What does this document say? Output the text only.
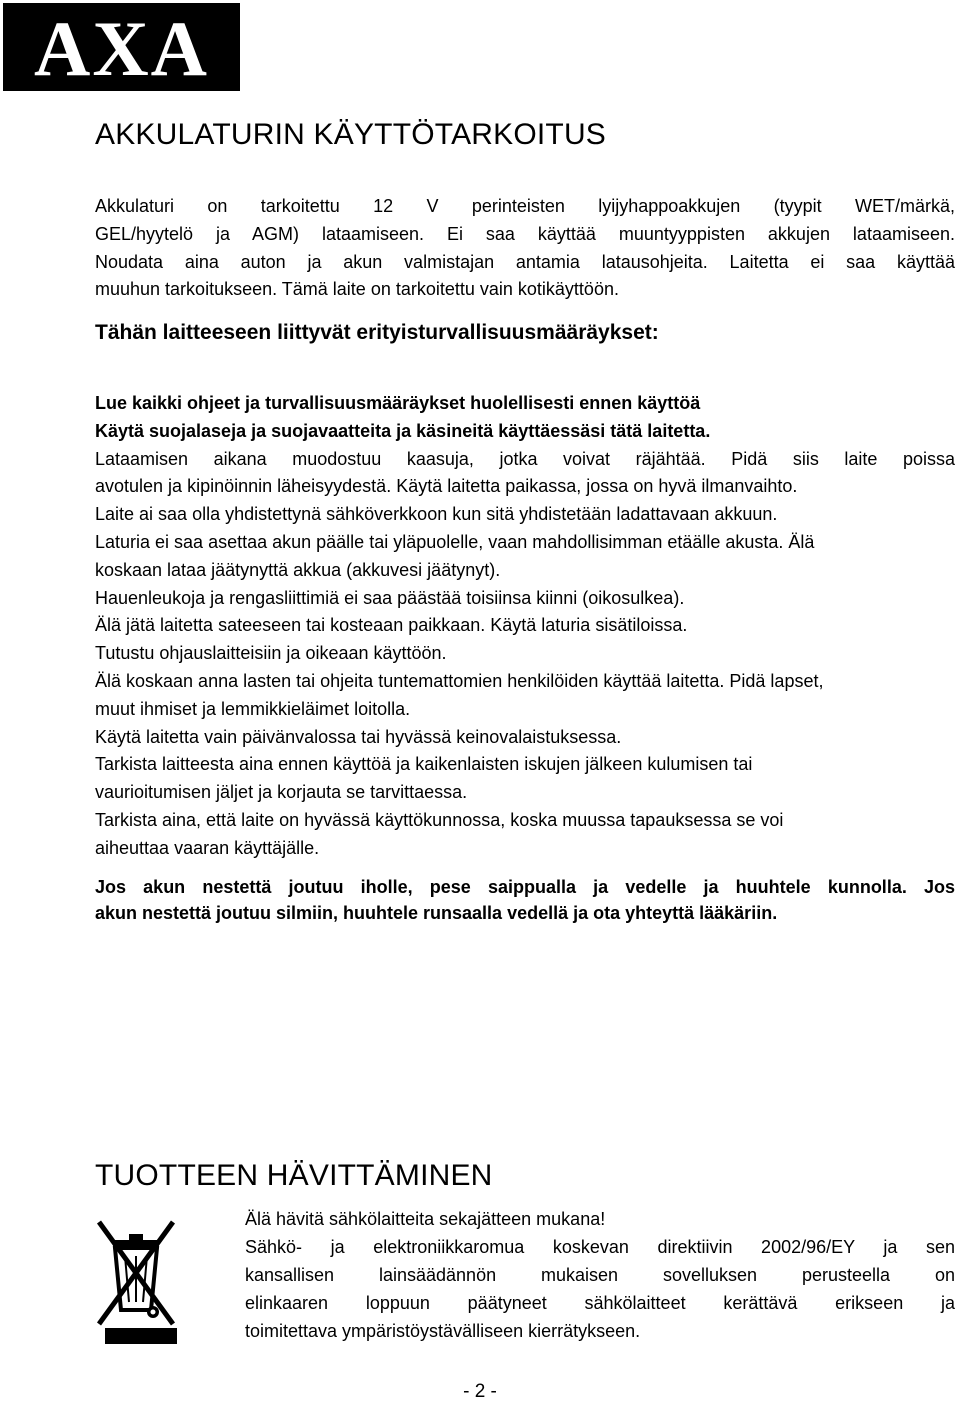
AXA
AKKULATURIN KÄYTTÖTARKOITUS
Akkulaturi on tarkoitettu 12 V perinteisten lyijyhappoakkujen (tyypit WET/märkä,
GEL/hyytelö ja AGM) lataamiseen. Ei saa käyttää muuntyyppisten akkujen lataamiseen.
Noudata aina auton ja akun valmistajan antamia latausohjeita. Laitetta ei saa käyttää
muuhun tarkoitukseen. Tämä laite on tarkoitettu vain kotikäyttöön.
Tähän laitteeseen liittyvät erityisturvallisuusmääräykset:
Lue kaikki ohjeet ja turvallisuusmääräykset huolellisesti ennen käyttöä
Käytä suojalaseja ja suojavaatteita ja käsineitä käyttäessäsi tätä laitetta.
Lataamisen aikana muodostuu kaasuja, jotka voivat räjähtää. Pidä siis laite poissa
avotulen ja kipinöinnin läheisyydestä. Käytä laitetta paikassa, jossa on hyvä ilmanvaihto.
Laite ai saa olla yhdistettynä sähköverkkoon kun sitä yhdistetään ladattavaan akkuun.
Laturia ei saa asettaa akun päälle tai yläpuolelle, vaan mahdollisimman etäälle akusta. Älä
koskaan lataa jäätynyttä akkua (akkuvesi jäätynyt).
Hauenleukoja ja rengasliittimiä ei saa päästää toisiinsa kiinni (oikosulkea).
Älä jätä laitetta sateeseen tai kosteaan paikkaan. Käytä laturia sisätiloissa.
Tutustu ohjauslaitteisiin ja oikeaan käyttöön.
Älä koskaan anna lasten tai ohjeita tuntemattomien henkilöiden käyttää laitetta. Pidä lapset,
muut ihmiset ja lemmikkieläimet loitolla.
Käytä laitetta vain päivänvalossa tai hyvässä keinovalaistuksessa.
Tarkista laitteesta aina ennen käyttöä ja kaikenlaisten iskujen jälkeen kulumisen tai
vaurioitumisen jäljet ja korjauta se tarvittaessa.
Tarkista aina, että laite on hyvässä käyttökunnossa, koska muussa tapauksessa se voi
aiheuttaa vaaran käyttäjälle.
Jos akun nestettä joutuu iholle, pese saippualla ja vedelle ja huuhtele kunnolla. Jos
akun nestettä joutuu silmiin, huuhtele runsaalla vedellä ja ota yhteyttä lääkäriin.
TUOTTEEN HÄVITTÄMINEN
Älä hävitä sähkölaitteita sekajätteen mukana!
Sähkö- ja elektroniikkaromua koskevan direktiivin 2002/96/EY ja sen
kansallisen lainsäädännön mukaisen sovelluksen perusteella on
elinkaaren loppuun päätyneet sähkölaitteet kerättävä erikseen ja
toimitettava ympäristöystävälliseen kierrätykseen.
- 2 -
